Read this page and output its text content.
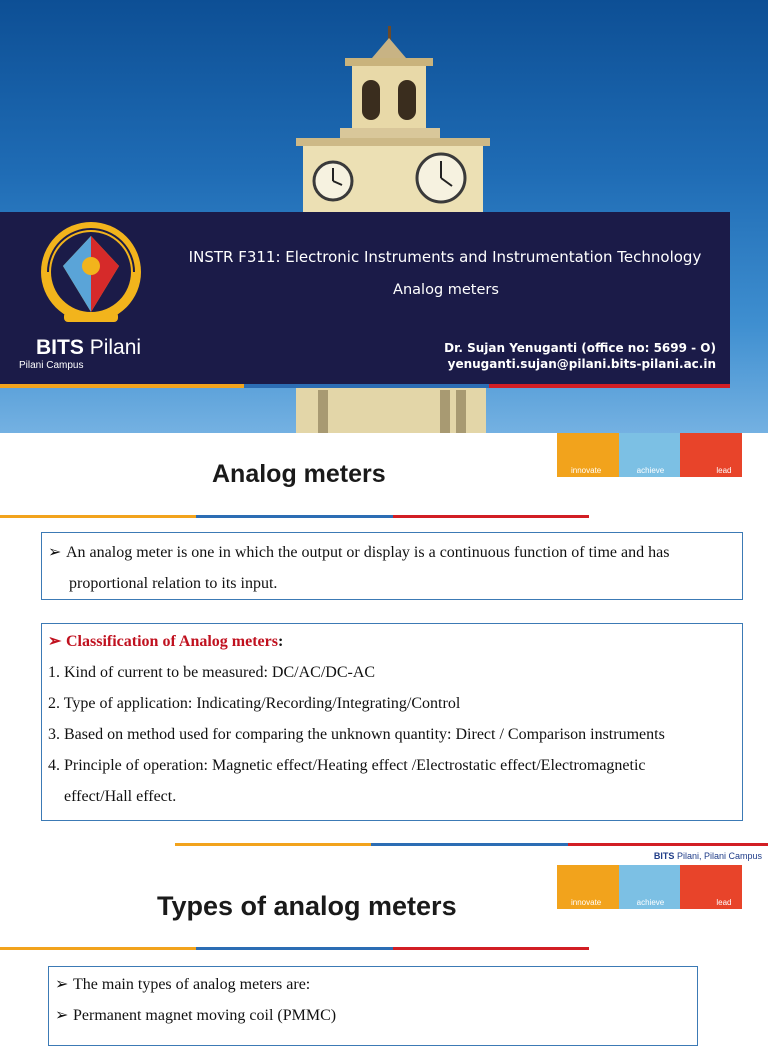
BITS Pilani
Pilani Campus
INSTR F311: Electronic Instruments and Instrumentation Technology
Analog meters
Dr. Sujan Yenuganti (office no: 5699 - O)
yenuganti.sujan@pilani.bits-pilani.ac.in
innovate	achieve	lead
Analog meters
➢ An analog meter is one in which the output or display is a continuous function of time and has
proportional relation to its input.
➢ Classification of Analog meters:
1. Kind of current to be measured: DC/AC/DC-AC
2. Type of application: Indicating/Recording/Integrating/Control
3. Based on method used for comparing the unknown quantity: Direct / Comparison instruments
4. Principle of operation: Magnetic effect/Heating effect /Electrostatic effect/Electromagnetic
effect/Hall effect.
BITS Pilani, Pilani Campus
innovate	achieve	lead
Types of analog meters
➢ The main types of analog meters are:
➢ Permanent magnet moving coil (PMMC)
